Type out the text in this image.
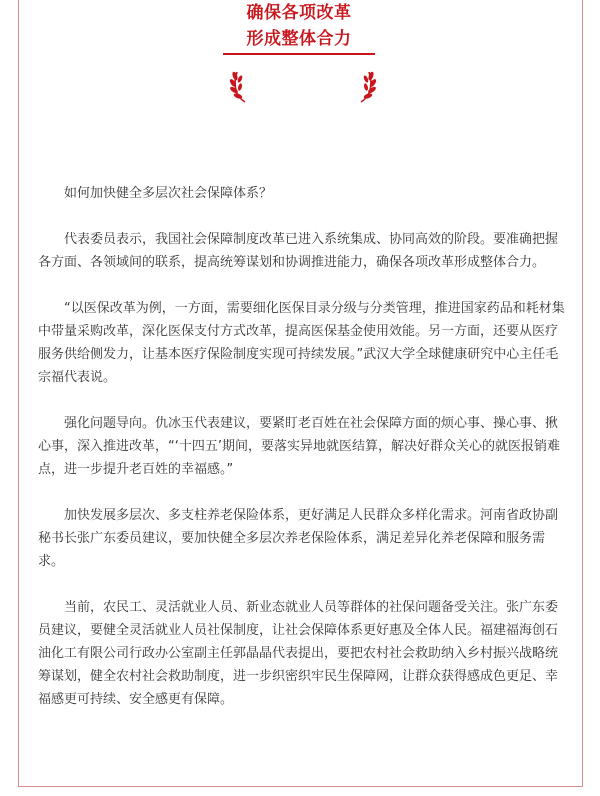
确保各项改革
形成整体合力

如何加快健全多层次社会保障体系？

代表委员表示，我国社会保障制度改革已进入系统集成、协同高效的阶段。要准确把握各方面、各领域间的联系，提高统筹谋划和协调推进能力，确保各项改革形成整体合力。

“以医保改革为例，一方面，需要细化医保目录分级与分类管理，推进国家药品和耗材集中带量采购改革，深化医保支付方式改革，提高医保基金使用效能。另一方面，还要从医疗服务供给侧发力，让基本医疗保险制度实现可持续发展。”武汉大学全球健康研究中心主任毛宗福代表说。

强化问题导向。仇冰玉代表建议，要紧盯老百姓在社会保障方面的烦心事、操心事、揪心事，深入推进改革，“‘十四五’期间，要落实异地就医结算，解决好群众关心的就医报销难点，进一步提升老百姓的幸福感。”

加快发展多层次、多支柱养老保险体系，更好满足人民群众多样化需求。河南省政协副秘书长张广东委员建议，要加快健全多层次养老保险体系，满足差异化养老保障和服务需求。

当前，农民工、灵活就业人员、新业态就业人员等群体的社保问题备受关注。张广东委员建议，要健全灵活就业人员社保制度，让社会保障体系更好惠及全体人民。福建福海创石油化工有限公司行政办公室副主任郭晶晶代表提出，要把农村社会救助纳入乡村振兴战略统筹谋划，健全农村社会救助制度，进一步织密织牢民生保障网，让群众获得感成色更足、幸福感更可持续、安全感更有保障。
